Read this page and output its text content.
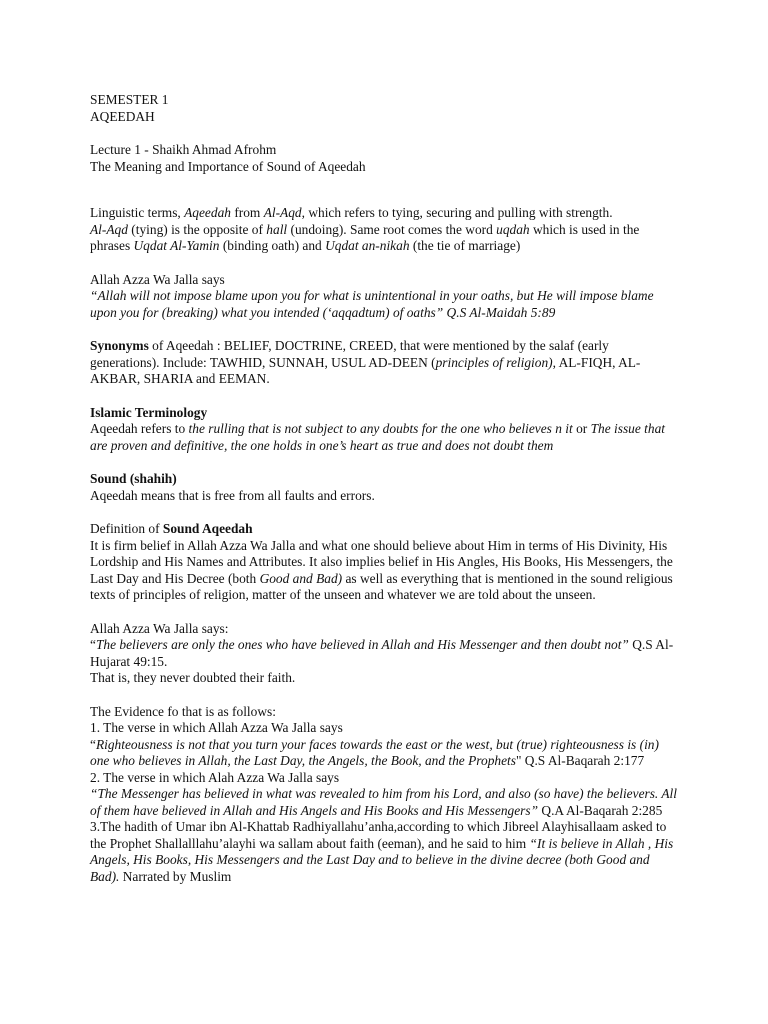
SEMESTER 1

AQEEDAH

Lecture 1 - Shaikh Ahmad Afrohm

The Meaning and Importance of Sound of Aqeedah

Linguistic terms, Aqeedah from Al-Aqd, which refers to tying, securing and pulling with strength.
Al-Aqd (tying) is the opposite of hall (undoing). Same root comes the word uqdah which is used in the phrases Uqdat Al-Yamin (binding oath) and Uqdat an-nikah (the tie of marriage)

Allah Azza Wa Jalla says

“Allah will not impose blame upon you for what is unintentional in your oaths, but He will impose blame upon you for (breaking) what you intended (‘aqqadtum) of oaths” Q.S Al-Maidah 5:89

Synonyms of Aqeedah : BELIEF, DOCTRINE, CREED, that were mentioned by the salaf (early generations). Include: TAWHID, SUNNAH, USUL AD-DEEN (principles of religion), AL-FIQH, AL-AKBAR, SHARIA and EEMAN.

Islamic Terminology

Aqeedah refers to the rulling that is not subject to any doubts for the one who believes n it or The issue that are proven and definitive, the one holds in one’s heart as true and does not doubt them

Sound (shahih)

Aqeedah means that is free from all faults and errors.

Definition of Sound Aqeedah

It is firm belief in Allah Azza Wa Jalla and what one should believe about Him in terms of His Divinity, His Lordship and His Names and Attributes. It also implies belief in His Angles, His Books, His Messengers, the Last Day and His Decree (both Good and Bad) as well as everything that is mentioned in the sound religious texts of principles of religion, matter of the unseen and whatever we are told about the unseen.

Allah Azza Wa Jalla says:

“The believers are only the ones who have believed in Allah and His Messenger and then doubt not” Q.S Al-Hujarat 49:15.

That is, they never doubted their faith.

The Evidence fo that is as follows:

1. The verse in which Allah Azza Wa Jalla says

“Righteousness is not that you turn your faces towards the east or the west, but (true) righteousness is (in) one who believes in Allah, the Last Day, the Angels, the Book, and the Prophets" Q.S Al-Baqarah 2:177

2. The verse in which Alah Azza Wa Jalla says

“The Messenger has believed in what was revealed to him from his Lord, and also (so have) the believers. All of them have believed in Allah and His Angels and His Books and His Messengers” Q.A Al-Baqarah 2:285

3.The hadith of Umar ibn Al-Khattab Radhiyallahu’anha,according to which Jibreel Alayhisallaam asked to the Prophet Shallalllahu’alayhi wa sallam about faith (eeman), and he said to him “It is believe in Allah , His Angels, His Books, His Messengers and the Last Day and to believe in the divine decree (both Good and Bad). Narrated by Muslim
